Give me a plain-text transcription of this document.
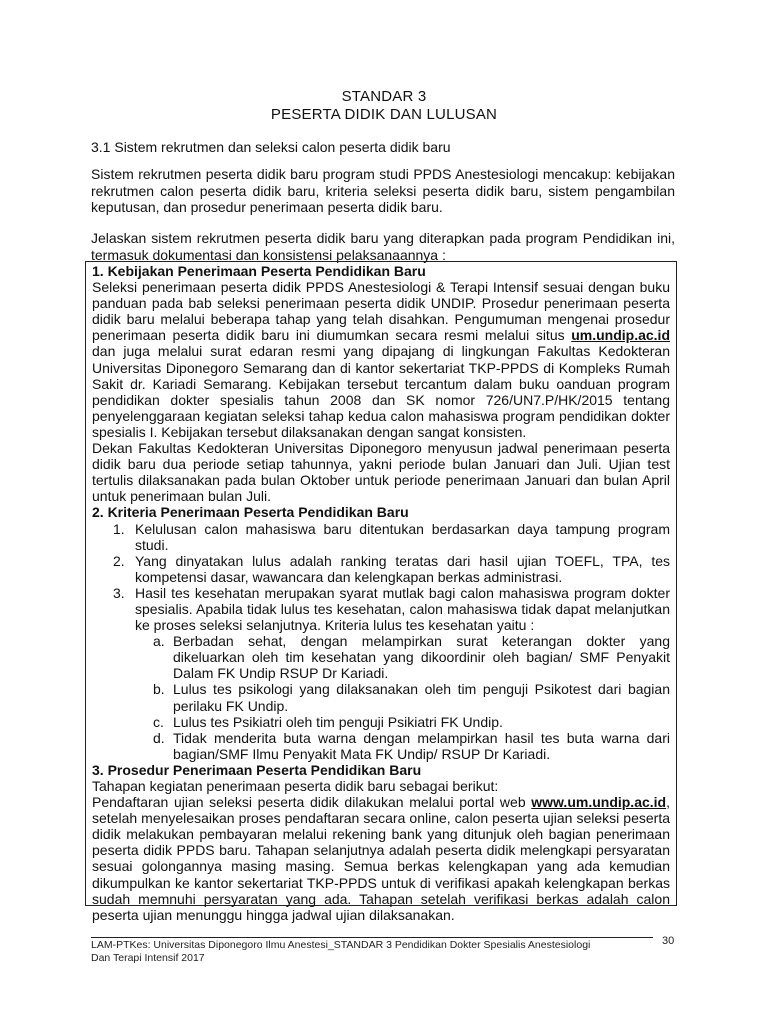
STANDAR 3
PESERTA DIDIK DAN LULUSAN

3.1 Sistem rekrutmen dan seleksi calon peserta didik baru

Sistem rekrutmen peserta didik baru program studi PPDS Anestesiologi mencakup: kebijakan rekrutmen calon peserta didik baru, kriteria seleksi peserta didik baru, sistem pengambilan keputusan, dan prosedur penerimaan peserta didik baru.

Jelaskan sistem rekrutmen peserta didik baru yang diterapkan pada program Pendidikan ini, termasuk dokumentasi dan konsistensi pelaksanaannya :

1. Kebijakan Penerimaan Peserta Pendidikan Baru

Seleksi penerimaan peserta didik PPDS Anestesiologi & Terapi Intensif sesuai dengan buku panduan pada bab seleksi penerimaan peserta didik UNDIP. Prosedur penerimaan peserta didik baru melalui beberapa tahap yang telah disahkan. Pengumuman mengenai prosedur penerimaan peserta didik baru ini diumumkan secara resmi melalui situs um.undip.ac.id dan juga melalui surat edaran resmi yang dipajang di lingkungan Fakultas Kedokteran Universitas Diponegoro Semarang dan di kantor sekertariat TKP-PPDS di Kompleks Rumah Sakit dr. Kariadi Semarang. Kebijakan tersebut tercantum dalam buku oanduan program pendidikan dokter spesialis tahun 2008 dan SK nomor 726/UN7.P/HK/2015 tentang penyelenggaraan kegiatan seleksi tahap kedua calon mahasiswa program pendidikan dokter spesialis I. Kebijakan tersebut dilaksanakan dengan sangat konsisten.

Dekan Fakultas Kedokteran Universitas Diponegoro menyusun jadwal penerimaan peserta didik baru dua periode setiap tahunnya, yakni periode bulan Januari dan Juli. Ujian test tertulis dilaksanakan pada bulan Oktober untuk periode penerimaan Januari dan bulan April untuk penerimaan bulan Juli.

2. Kriteria Penerimaan Peserta Pendidikan Baru

1. Kelulusan calon mahasiswa baru ditentukan berdasarkan daya tampung program studi.
2. Yang dinyatakan lulus adalah ranking teratas dari hasil ujian TOEFL, TPA, tes kompetensi dasar, wawancara dan kelengkapan berkas administrasi.
3. Hasil tes kesehatan merupakan syarat mutlak bagi calon mahasiswa program dokter spesialis. Apabila tidak lulus tes kesehatan, calon mahasiswa tidak dapat melanjutkan ke proses seleksi selanjutnya. Kriteria lulus tes kesehatan yaitu :
a. Berbadan sehat, dengan melampirkan surat keterangan dokter yang dikeluarkan oleh tim kesehatan yang dikoordinir oleh bagian/ SMF Penyakit Dalam FK Undip RSUP Dr Kariadi.
b. Lulus tes psikologi yang dilaksanakan oleh tim penguji Psikotest dari bagian perilaku FK Undip.
c. Lulus tes Psikiatri oleh tim penguji Psikiatri FK Undip.
d. Tidak menderita buta warna dengan melampirkan hasil tes buta warna dari bagian/SMF Ilmu Penyakit Mata FK Undip/ RSUP Dr Kariadi.

3. Prosedur Penerimaan Peserta Pendidikan Baru

Tahapan kegiatan penerimaan peserta didik baru sebagai berikut:

Pendaftaran ujian seleksi peserta didik dilakukan melalui portal web www.um.undip.ac.id, setelah menyelesaikan proses pendaftaran secara online, calon peserta ujian seleksi peserta didik melakukan pembayaran melalui rekening bank yang ditunjuk oleh bagian penerimaan peserta didik PPDS baru. Tahapan selanjutnya adalah peserta didik melengkapi persyaratan sesuai golongannya masing masing. Semua berkas kelengkapan yang ada kemudian dikumpulkan ke kantor sekertariat TKP-PPDS untuk di verifikasi apakah kelengkapan berkas sudah memnuhi persyaratan yang ada. Tahapan setelah verifikasi berkas adalah calon peserta ujian menunggu hingga jadwal ujian dilaksanakan.

LAM-PTKes: Universitas Diponegoro Ilmu Anestesi_STANDAR 3 Pendidikan Dokter Spesialis Anestesiologi
Dan Terapi Intensif 2017
30
